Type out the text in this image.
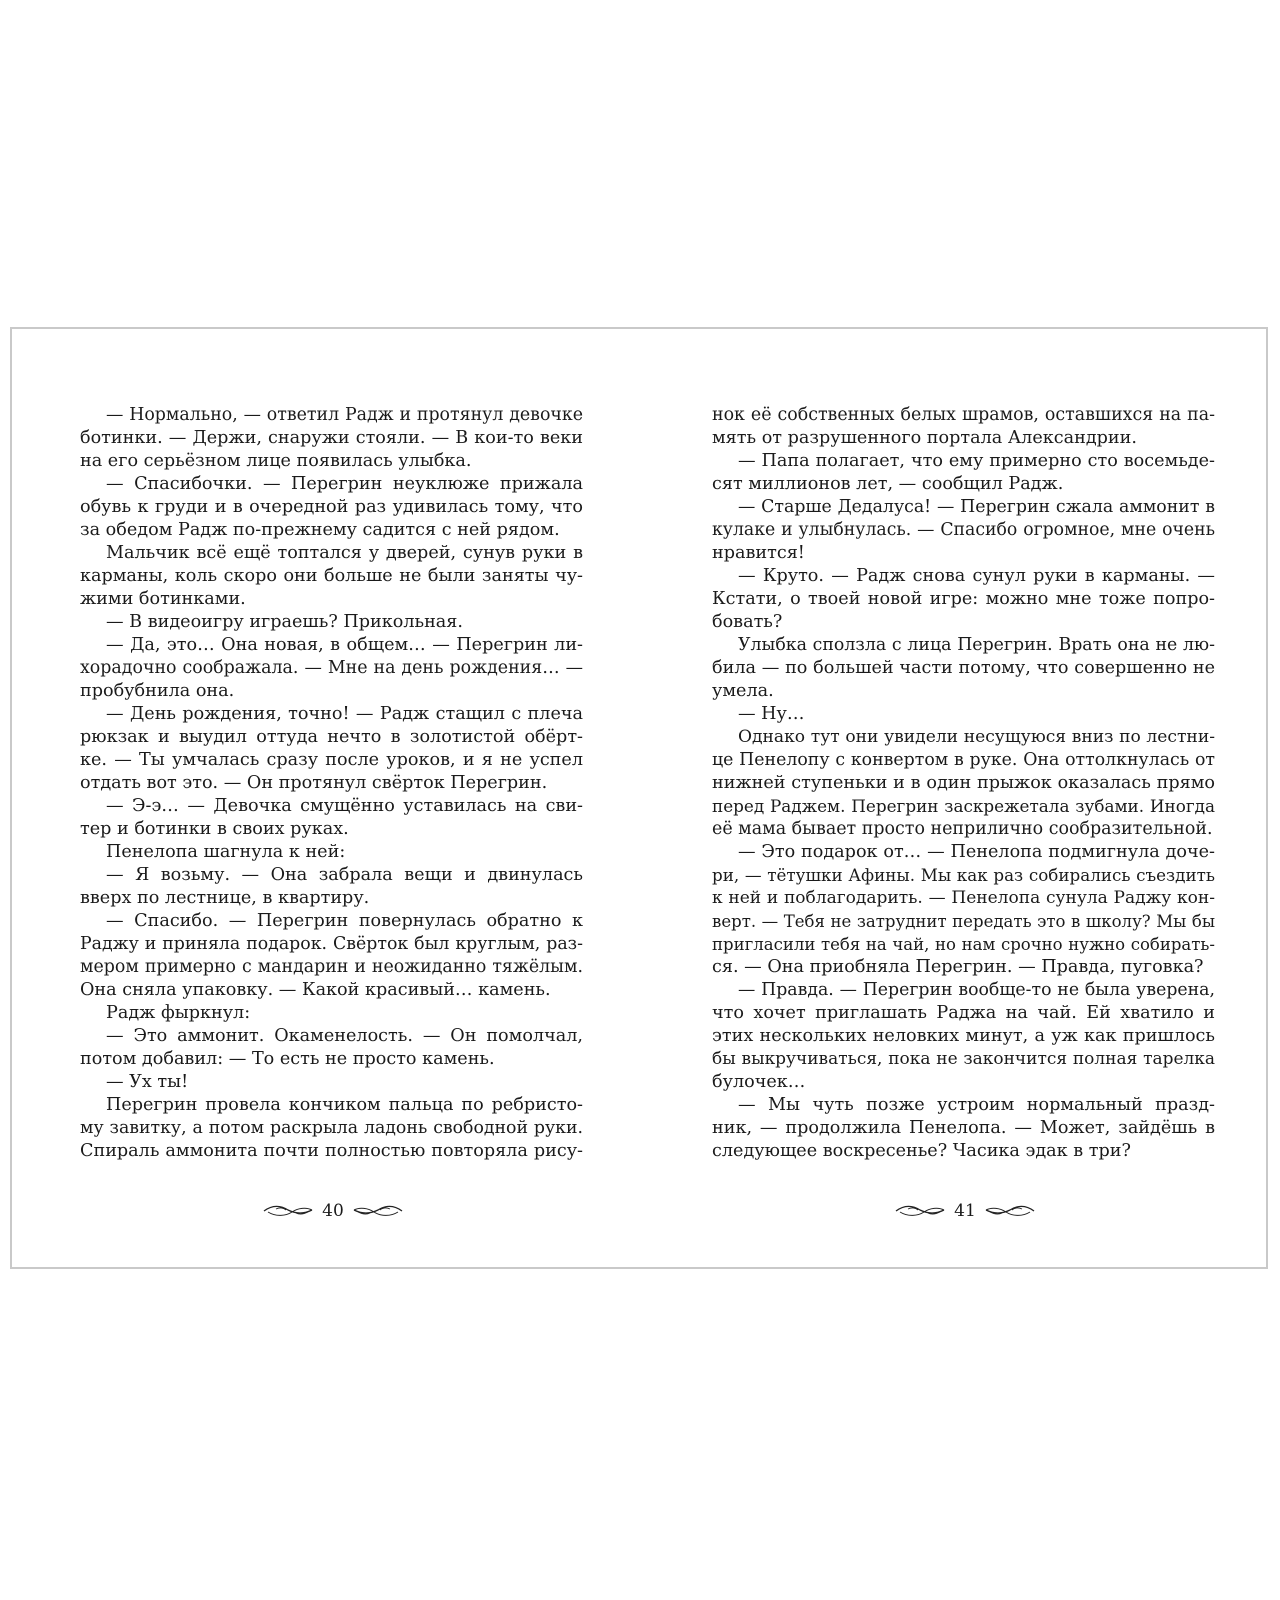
— Нормально, — ответил Радж и протянул девочке
ботинки. — Держи, снаружи стояли. — В кои-то веки
на его серьёзном лице появилась улыбка.
— Спасибочки. — Перегрин неуклюже прижала
обувь к груди и в очередной раз удивилась тому, что
за обедом Радж по-прежнему садится с ней рядом.
Мальчик всё ещё топтался у дверей, сунув руки в
карманы, коль скоро они больше не были заняты чу-
жими ботинками.
— В видеоигру играешь? Прикольная.
— Да, это… Она новая, в общем… — Перегрин ли-
хорадочно соображала. — Мне на день рождения… —
пробубнила она.
— День рождения, точно! — Радж стащил с плеча
рюкзак и выудил оттуда нечто в золотистой обёрт-
ке. — Ты умчалась сразу после уроков, и я не успел
отдать вот это. — Он протянул свёрток Перегрин.
— Э-э… — Девочка смущённо уставилась на сви-
тер и ботинки в своих руках.
Пенелопа шагнула к ней:
— Я возьму. — Она забрала вещи и двинулась
вверх по лестнице, в квартиру.
— Спасибо. — Перегрин повернулась обратно к
Раджу и приняла подарок. Свёрток был круглым, раз-
мером примерно с мандарин и неожиданно тяжёлым.
Она сняла упаковку. — Какой красивый… камень.
Радж фыркнул:
— Это аммонит. Окаменелость. — Он помолчал,
потом добавил: — То есть не просто камень.
— Ух ты!
Перегрин провела кончиком пальца по ребристо-
му завитку, а потом раскрыла ладонь свободной руки.
Спираль аммонита почти полностью повторяла рису-
40
нок её собственных белых шрамов, оставшихся на па-
мять от разрушенного портала Александрии.
— Папа полагает, что ему примерно сто восемьде-
сят миллионов лет, — сообщил Радж.
— Старше Дедалуса! — Перегрин сжала аммонит в
кулаке и улыбнулась. — Спасибо огромное, мне очень
нравится!
— Круто. — Радж снова сунул руки в карманы. —
Кстати, о твоей новой игре: можно мне тоже попро-
бовать?
Улыбка сползла с лица Перегрин. Врать она не лю-
била — по большей части потому, что совершенно не
умела.
— Ну…
Однако тут они увидели несущуюся вниз по лестни-
це Пенелопу с конвертом в руке. Она оттолкнулась от
нижней ступеньки и в один прыжок оказалась прямо
перед Раджем. Перегрин заскрежетала зубами. Иногда
её мама бывает просто неприлично сообразительной.
— Это подарок от… — Пенелопа подмигнула доче-
ри, — тётушки Афины. Мы как раз собирались съездить
к ней и поблагодарить. — Пенелопа сунула Раджу кон-
верт. — Тебя не затруднит передать это в школу? Мы бы
пригласили тебя на чай, но нам срочно нужно собирать-
ся. — Она приобняла Перегрин. — Правда, пуговка?
— Правда. — Перегрин вообще-то не была уверена,
что хочет приглашать Раджа на чай. Ей хватило и
этих нескольких неловких минут, а уж как пришлось
бы выкручиваться, пока не закончится полная тарелка
булочек…
— Мы чуть позже устроим нормальный празд-
ник, — продолжила Пенелопа. — Может, зайдёшь в
следующее воскресенье? Часика эдак в три?
41
